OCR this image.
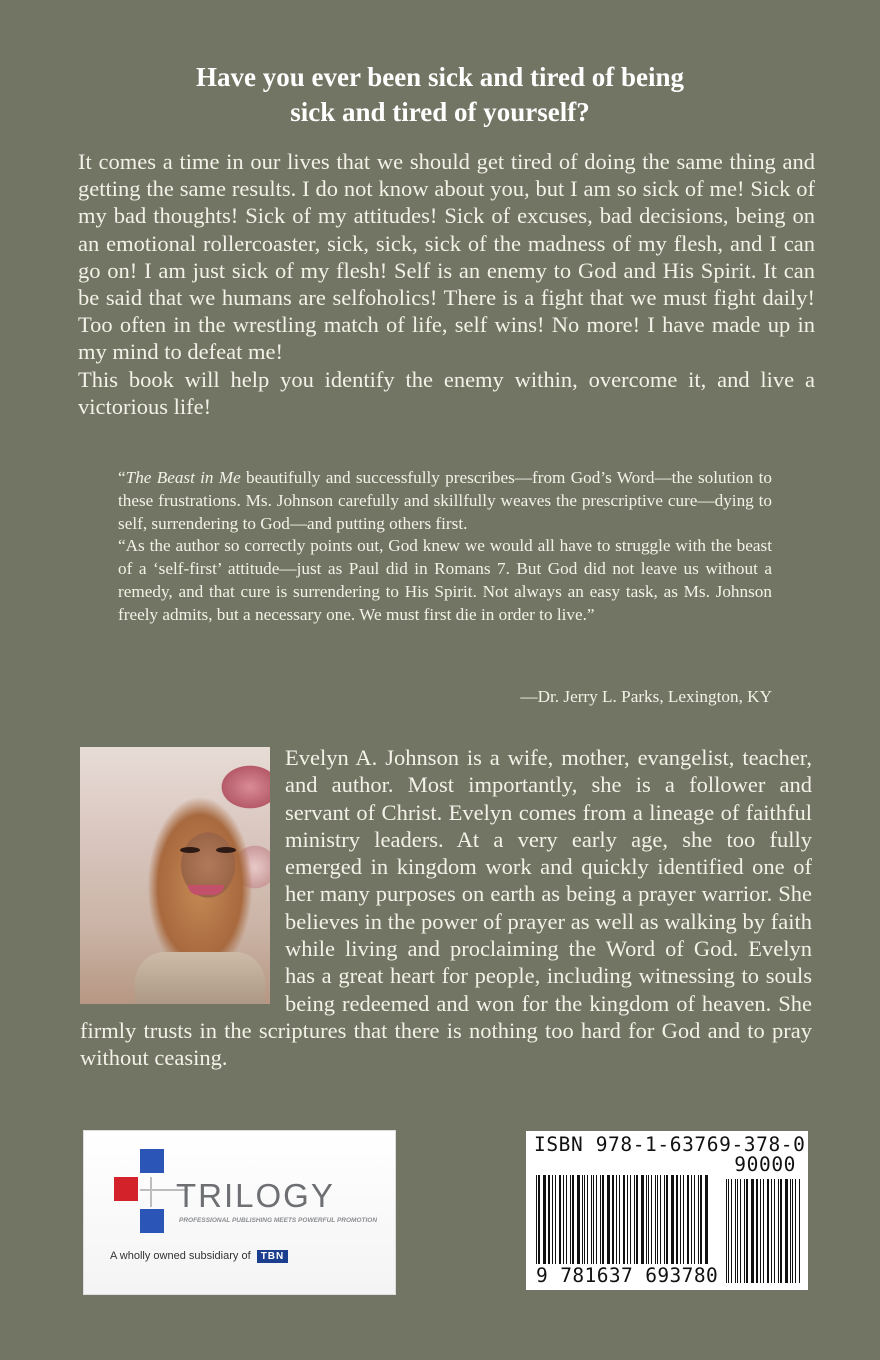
Have you ever been sick and tired of being
sick and tired of yourself?

It comes a time in our lives that we should get tired of doing the same thing and getting the same results. I do not know about you, but I am so sick of me! Sick of my bad thoughts! Sick of my attitudes! Sick of excuses, bad decisions, being on an emotional rollercoaster, sick, sick, sick of the madness of my flesh, and I can go on! I am just sick of my flesh! Self is an enemy to God and His Spirit. It can be said that we humans are selfoholics! There is a fight that we must fight daily! Too often in the wrestling match of life, self wins! No more! I have made up in my mind to defeat me!

This book will help you identify the enemy within, overcome it, and live a victorious life!

“The Beast in Me beautifully and successfully prescribes—from God’s Word—the solution to these frustrations. Ms. Johnson carefully and skillfully weaves the prescriptive cure—dying to self, surrendering to God—and putting others first.

“As the author so correctly points out, God knew we would all have to struggle with the beast of a ‘self-first’ attitude—just as Paul did in Romans 7. But God did not leave us without a remedy, and that cure is surrendering to His Spirit. Not always an easy task, as Ms. Johnson freely admits, but a necessary one. We must first die in order to live.”

—Dr. Jerry L. Parks, Lexington, KY

Evelyn A. Johnson is a wife, mother, evangelist, teacher, and author. Most importantly, she is a follower and servant of Christ. Evelyn comes from a lineage of faithful ministry leaders. At a very early age, she too fully emerged in kingdom work and quickly identified one of her many purposes on earth as being a prayer warrior. She believes in the power of prayer as well as walking by faith while living and proclaiming the Word of God. Evelyn has a great heart for people, including witnessing to souls being redeemed and won for the kingdom of heaven. She firmly trusts in the scriptures that there is nothing too hard for God and to pray without ceasing.

TRILOGY
PROFESSIONAL PUBLISHING MEETS POWERFUL PROMOTION
A wholly owned subsidiary of TBN
ISBN 978-1-63769-378-0
90000
9 781637 693780
